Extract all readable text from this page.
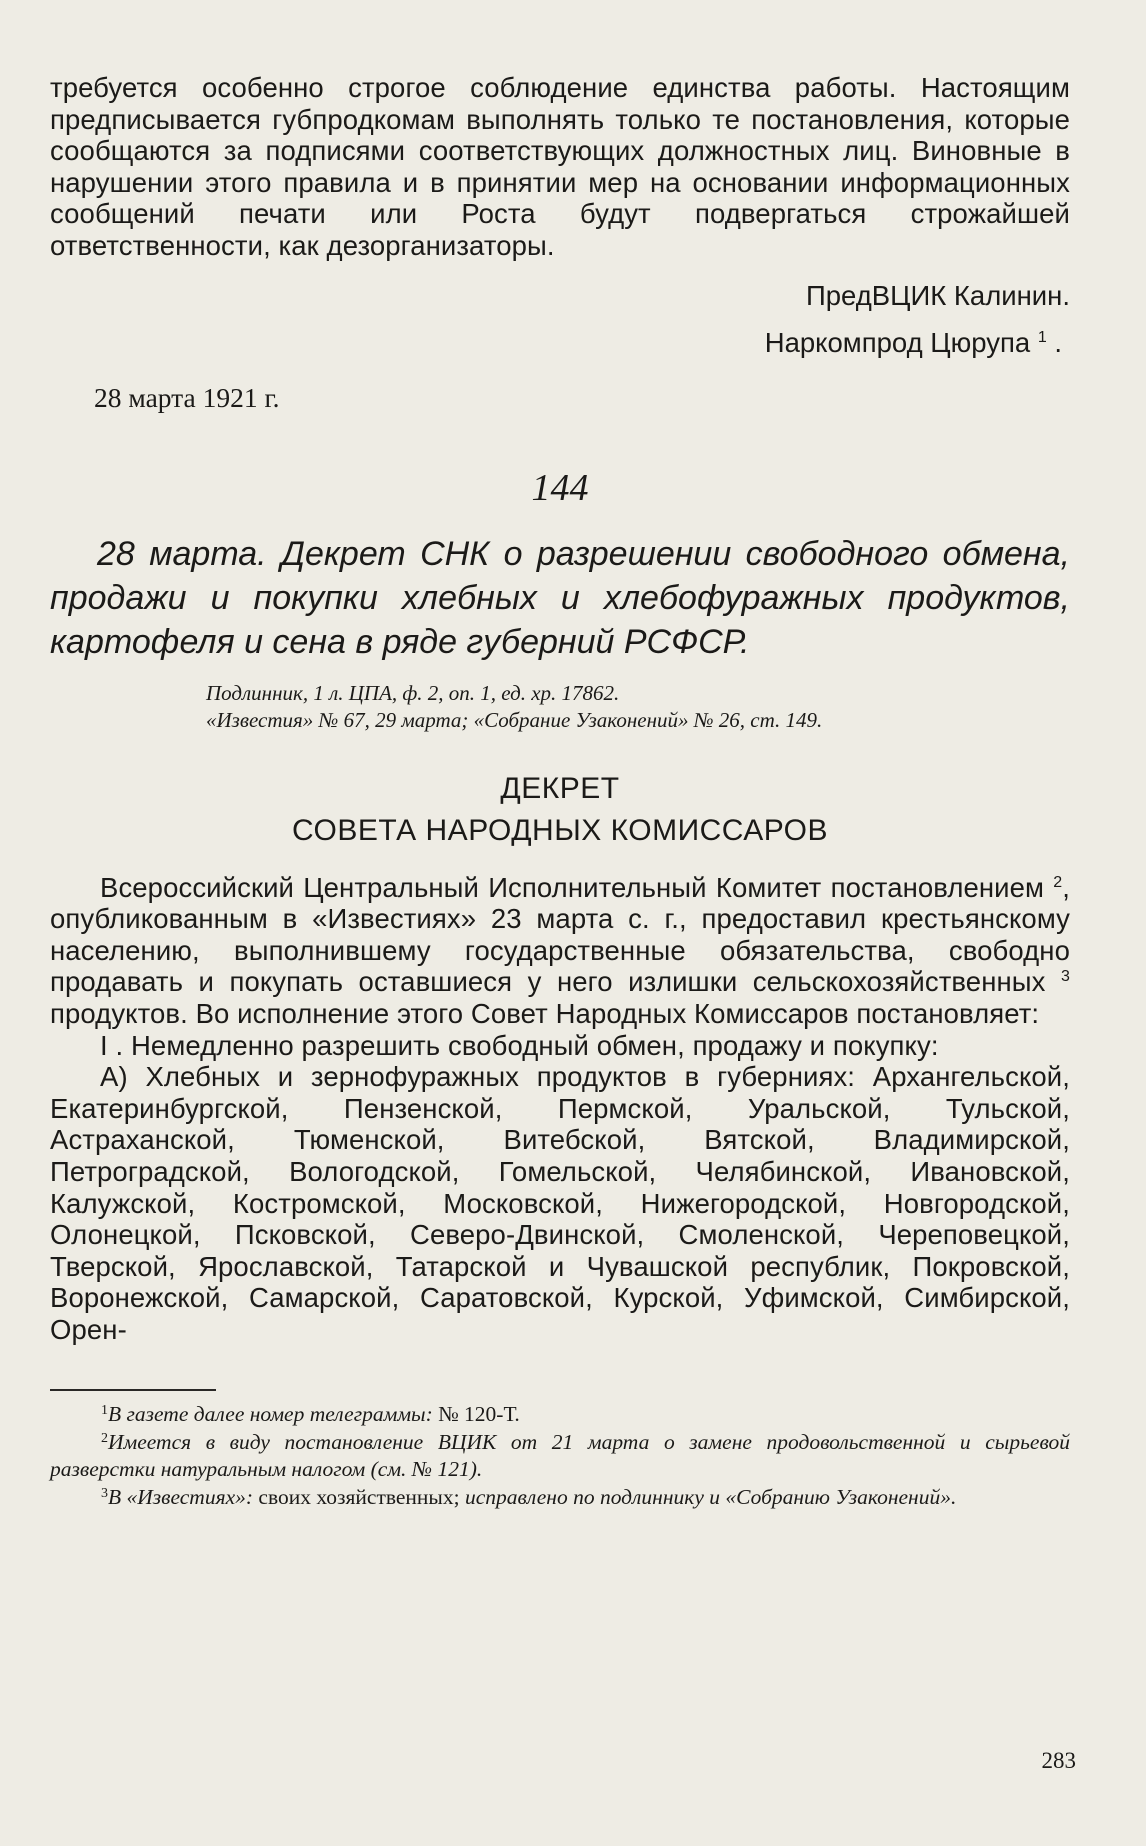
требуется особенно строгое соблюдение единства работы. Настоящим предписывается губпродкомам выполнять только те постановления, которые сообщаются за подписями соответствующих должностных лиц. Виновные в нарушении этого правила и в принятии мер на основании информационных сообщений печати или Роста будут подвергаться строжайшей ответственности, как дезорганизаторы.

ПредВЦИК Калинин.

Наркомпрод Цюрупа $^1$ .

28 марта 1921 г.

144

28 марта. Декрет СНК о разрешении свободного обмена, продажи и покупки хлебных и хлебофуражных продуктов, картофеля и сена в ряде губерний РСФСР.

Подлинник, 1 л. ЦПА, ф. 2, оп. 1, ед. хр. 17862.
«Известия» № 67, 29 марта; «Собрание Узаконений» № 26, ст. 149.
ДЕКРЕТ
СОВЕТА НАРОДНЫХ КОМИССАРОВ

Всероссийский Центральный Исполнительный Комитет постановлением $^2$, опубликованным в «Известиях» 23 марта с. г., предоставил крестьянскому населению, выполнившему государственные обязательства, свободно продавать и покупать оставшиеся у него излишки сельскохозяйственных $^3$ продуктов. Во исполнение этого Совет Народных Комиссаров постановляет:

I . Немедленно разрешить свободный обмен, продажу и покупку:

А) Хлебных и зернофуражных продуктов в губерниях: Архангельской, Екатеринбургской, Пензенской, Пермской, Уральской, Тульской, Астраханской, Тюменской, Витебской, Вятской, Владимирской, Петроградской, Вологодской, Гомельской, Челябинской, Ивановской, Калужской, Костромской, Московской, Нижегородской, Новгородской, Олонецкой, Псковской, Северо-Двинской, Смоленской, Череповецкой, Тверской, Ярославской, Татарской и Чувашской республик, Покровской, Воронежской, Самарской, Саратовской, Курской, Уфимской, Симбирской, Орен-

1 В газете далее номер телеграммы: № 120-Т.
2 Имеется в виду постановление ВЦИК от 21 марта о замене продовольственной и сырьевой разверстки натуральным налогом (см. № 121).
3 В «Известиях»: своих хозяйственных; исправлено по подлиннику и «Собранию Узаконений».
283
